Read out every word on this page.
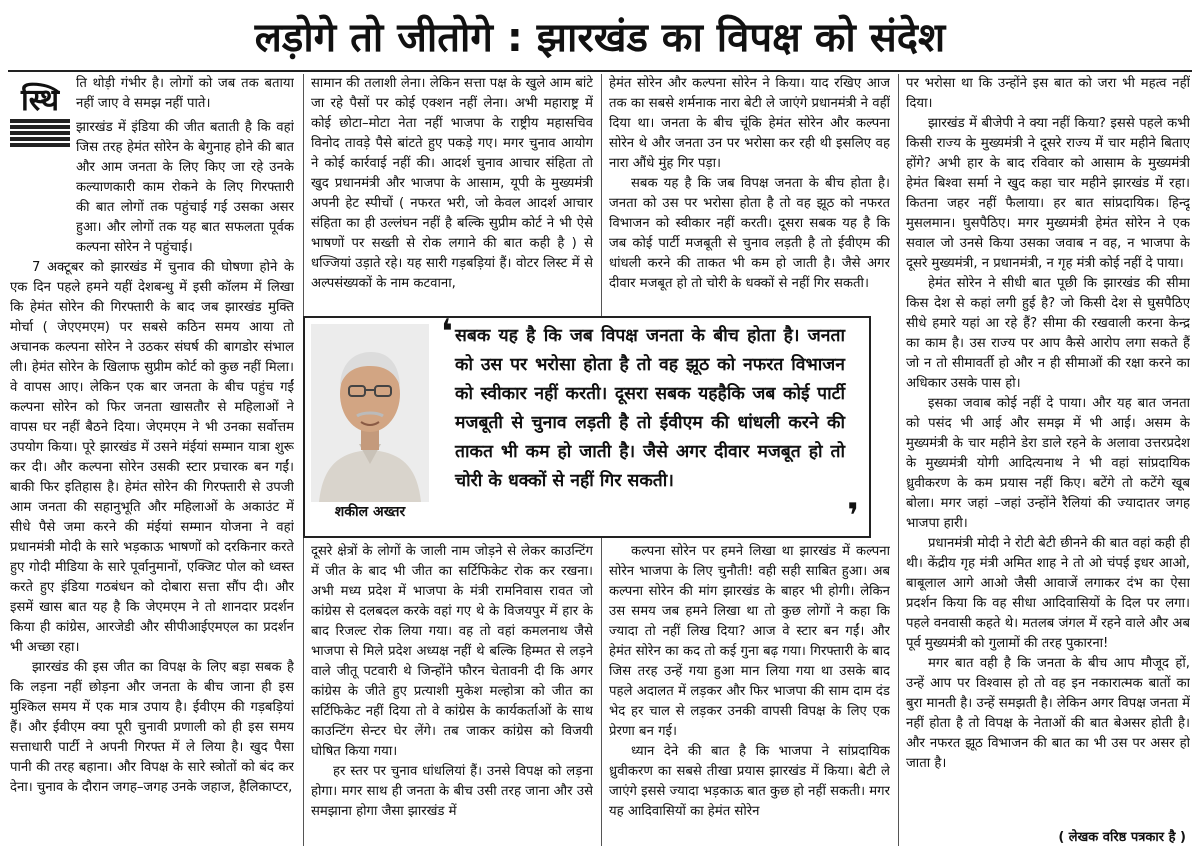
लड़ोगे तो जीतोगे : झारखंड का विपक्ष को संदेश
स्थि	ति थोड़ी गंभीर है। लोगों को जब तक बताया नहीं जाए वे समझ नहीं पाते।

झारखंड में इंडिया की जीत बताती है कि वहां जिस तरह हेमंत सोरेन के बेगुनाह होने की बात और आम जनता के लिए किए जा रहे उनके कल्याणकारी काम रोकने के लिए गिरफ्तारी की बात लोगों तक पहुंचाई गई उसका असर हुआ। और लोगों तक यह बात सफलता पूर्वक कल्पना सोरेन ने पहुंचाई।

7 अक्टूबर को झारखंड में चुनाव की घोषणा होने के एक दिन पहले हमने यहीं देशबन्धु में इसी कॉलम में लिखा कि हेमंत सोरेन की गिरफ्तारी के बाद जब झारखंड मुक्ति मोर्चा ( जेएएमएम) पर सबसे कठिन समय आया तो अचानक कल्पना सोरेन ने उठकर संघर्ष की बागडोर संभाल ली। हेमंत सोरेन के खिलाफ सुप्रीम कोर्ट को कुछ नहीं मिला। वे वापस आए। लेकिन एक बार जनता के बीच पहुंच गईं कल्पना सोरेन को फिर जनता खासतौर से महिलाओं ने वापस घर नहीं बैठने दिया। जेएमएम ने भी उनका सर्वोत्तम उपयोग किया। पूरे झारखंड में उसने मंईयां सम्मान यात्रा शुरू कर दी। और कल्पना सोरेन उसकी स्टार प्रचारक बन गईं। बाकी फिर इतिहास है। हेमंत सोरेन की गिरफ्तारी से उपजी आम जनता की सहानुभूति और महिलाओं के अकाउंट में सीधे पैसे जमा करने की मंईयां सम्मान योजना ने वहां प्रधानमंत्री मोदी के सारे भड़काऊ भाषणों को दरकिनार करते हुए गोदी मीडिया के सारे पूर्वानुमानों, एक्जिट पोल को ध्वस्त करते हुए इंडिया गठबंधन को दोबारा सत्ता सौंप दी। और इसमें खास बात यह है कि जेएमएम ने तो शानदार प्रदर्शन किया ही कांग्रेस, आरजेडी और सीपीआईएमएल का प्रदर्शन भी अच्छा रहा।

झारखंड की इस जीत का विपक्ष के लिए बड़ा सबक है कि लड़ना नहीं छोड़ना और जनता के बीच जाना ही इस मुश्किल समय में एक मात्र उपाय है। ईवीएम की गड़बड़ियां हैं। और ईवीएम क्या पूरी चुनावी प्रणाली को ही इस समय सत्ताधारी पार्टी ने अपनी गिरफ्त में ले लिया है। खुद पैसा पानी की तरह बहाना। और विपक्ष के सारे स्त्रोतों को बंद कर देना। चुनाव के दौरान जगह–जगह उनके जहाज, हैलिकाप्टर,

सामान की तलाशी लेना। लेकिन सत्ता पक्ष के खुले आम बांटे जा रहे पैसों पर कोई एक्शन नहीं लेना। अभी महाराष्ट्र में कोई छोटा–मोटा नेता नहीं भाजपा के राष्ट्रीय महासचिव विनोद तावड़े पैसे बांटते हुए पकड़े गए। मगर चुनाव आयोग ने कोई कार्रवाई नहीं की। आदर्श चुनाव आचार संहिता तो खुद प्रधानमंत्री और भाजपा के आसाम, यूपी के मुख्यमंत्री अपनी हेट स्पीचों ( नफरत भरी, जो केवल आदर्श आचार संहिता का ही उल्लंघन नहीं है बल्कि सुप्रीम कोर्ट ने भी ऐसे भाषणों पर सख्ती से रोक लगाने की बात कही है ) से धज्जियां उड़ाते रहे। यह सारी गड़बड़ियां हैं। वोटर लिस्ट में से अल्पसंख्यकों के नाम कटवाना,

दूसरे क्षेत्रों के लोगों के जाली नाम जोड़ने से लेकर काउन्टिंग में जीत के बाद भी जीत का सर्टिफिकेट रोक कर रखना। अभी मध्य प्रदेश में भाजपा के मंत्री रामनिवास रावत जो कांग्रेस से दलबदल करके वहां गए थे के विजयपुर में हार के बाद रिजल्ट रोक लिया गया। वह तो वहां कमलनाथ जैसे भाजपा से मिले प्रदेश अध्यक्ष नहीं थे बल्कि हिम्मत से लड़ने वाले जीतू पटवारी थे जिन्होंने फौरन चेतावनी दी कि अगर कांग्रेस के जीते हुए प्रत्याशी मुकेश मल्होत्रा को जीत का सर्टिफिकेट नहीं दिया तो वे कांग्रेस के कार्यकर्ताओं के साथ काउन्टिंग सेन्टर घेर लेंगे। तब जाकर कांग्रेस को विजयी घोषित किया गया।

हर स्तर पर चुनाव धांधलियां हैं। उनसे विपक्ष को लड़ना होगा। मगर साथ ही जनता के बीच उसी तरह जाना और उसे समझाना होगा जैसा झारखंड में

हेमंत सोरेन और कल्पना सोरेन ने किया। याद रखिए आज तक का सबसे शर्मनाक नारा बेटी ले जाएंगे प्रधानमंत्री ने वहीं दिया था। जनता के बीच चूंकि हेमंत सोरेन और कल्पना सोरेन थे और जनता उन पर भरोसा कर रही थी इसलिए वह नारा औंधे मुंह गिर पड़ा।

सबक यह है कि जब विपक्ष जनता के बीच होता है। जनता को उस पर भरोसा होता है तो वह झूठ को नफरत विभाजन को स्वीकार नहीं करती। दूसरा सबक यह है कि जब कोई पार्टी मजबूती से चुनाव लड़ती है तो ईवीएम की धांधली करने की ताकत भी कम हो जाती है। जैसे अगर दीवार मजबूत हो तो चोरी के धक्कों से नहीं गिर सकती।

कल्पना सोरेन पर हमने लिखा था झारखंड में कल्पना सोरेन भाजपा के लिए चुनौती! वही सही साबित हुआ। अब कल्पना सोरेन की मांग झारखंड के बाहर भी होगी। लेकिन उस समय जब हमने लिखा था तो कुछ लोगों ने कहा कि ज्यादा तो नहीं लिख दिया? आज वे स्टार बन गईं। और हेमंत सोरेन का कद तो कई गुना बढ़ गया। गिरफ्तारी के बाद जिस तरह उन्हें गया हुआ मान लिया गया था उसके बाद पहले अदालत में लड़कर और फिर भाजपा की साम दाम दंड भेद हर चाल से लड़कर उनकी वापसी विपक्ष के लिए एक प्रेरणा बन गई।

ध्यान देने की बात है कि भाजपा ने सांप्रदायिक ध्रुवीकरण का सबसे तीखा प्रयास झारखंड में किया। बेटी ले जाएंगे इससे ज्यादा भड़काऊ बात कुछ हो नहीं सकती। मगर यह आदिवासियों का हेमंत सोरेन

पर भरोसा था कि उन्होंने इस बात को जरा भी महत्व नहीं दिया।

झारखंड में बीजेपी ने क्या नहीं किया? इससे पहले कभी किसी राज्य के मुख्यमंत्री ने दूसरे राज्य में चार महीने बिताए होंगे? अभी हार के बाद रविवार को आसाम के मुख्यमंत्री हेमंत बिश्वा सर्मा ने खुद कहा चार महीने झारखंड में रहा। कितना जहर नहीं फैलाया। हर बात सांप्रदायिक। हिन्दू मुसलमान। घुसपैठिए। मगर मुख्यमंत्री हेमंत सोरेन ने एक सवाल जो उनसे किया उसका जवाब न वह, न भाजपा के दूसरे मुख्यमंत्री, न प्रधानमंत्री, न गृह मंत्री कोई नहीं दे पाया।

हेमंत सोरेन ने सीधी बात पूछी कि झारखंड की सीमा किस देश से कहां लगी हुई है? जो किसी देश से घुसपैठिए सीधे हमारे यहां आ रहे हैं? सीमा की रखवाली करना केन्द्र का काम है। उस राज्य पर आप कैसे आरोप लगा सकते हैं जो न तो सीमावर्ती हो और न ही सीमाओं की रक्षा करने का अधिकार उसके पास हो।

इसका जवाब कोई नहीं दे पाया। और यह बात जनता को पसंद भी आई और समझ में भी आई। असम के मुख्यमंत्री के चार महीने डेरा डाले रहने के अलावा उत्तरप्रदेश के मुख्यमंत्री योगी आदित्यनाथ ने भी वहां सांप्रदायिक ध्रुवीकरण के कम प्रयास नहीं किए। बटेंगे तो कटेंगे खूब बोला। मगर जहां –जहां उन्होंने रैलियां की ज्यादातर जगह भाजपा हारी।

प्रधानमंत्री मोदी ने रोटी बेटी छीनने की बात वहां कही ही थी। केंद्रीय गृह मंत्री अमित शाह ने तो ओ चंपई इधर आओ, बाबूलाल आगे आओ जैसी आवाजें लगाकर दंभ का ऐसा प्रदर्शन किया कि वह सीधा आदिवासियों के दिल पर लगा। पहले वनवासी कहते थे। मतलब जंगल में रहने वाले और अब पूर्व मुख्यमंत्री को गुलामों की तरह पुकारना!

मगर बात वही है कि जनता के बीच आप मौजूद हों, उन्हें आप पर विश्वास हो तो वह इन नकारात्मक बातों का बुरा मानती है। उन्हें समझती है। लेकिन अगर विपक्ष जनता में नहीं होता है तो विपक्ष के नेताओं की बात बेअसर होती है। और नफरत झूठ विभाजन की बात का भी उस पर असर हो जाता है।

( लेखक वरिष्ठ पत्रकार है )
शकील अख्तर
❛ सबक यह है कि जब विपक्ष जनता के बीच होता है। जनता को उस पर भरोसा होता है तो वह झूठ को नफरत विभाजन को स्वीकार नहीं करती। दूसरा सबक यहहैकि जब कोई पार्टी मजबूती से चुनाव लड़ती है तो ईवीएम की धांधली करने की ताकत भी कम हो जाती है। जैसे अगर दीवार मजबूत हो तो चोरी के धक्कों से नहीं गिर सकती।
❜
